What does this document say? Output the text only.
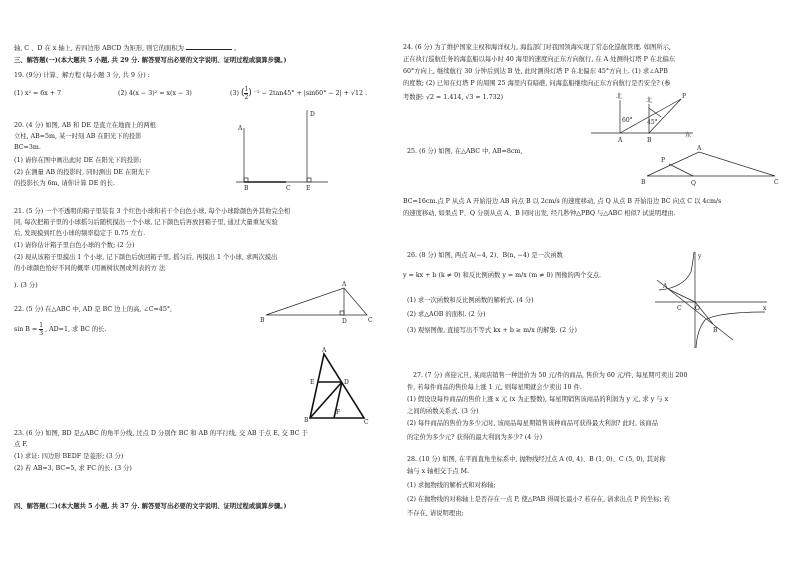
轴, C 、D 在 x 轴上, 若四边形 ABCD 为矩形, 则它的面积为	。
三、解答题(一)(本大题共 5 小题, 共 29 分. 解答要写出必要的文字说明、证明过程或演算步骤。)
19. (9分) 计算、解方程 (每小题 3 分, 共 9 分) :
(1) x² = 6x + 7	(2) 4(x − 3)² = x(x − 3)	(3) ( $\frac{1}{2}$) ⁻² − 2tan45° + |sin60° − 2| + √12 .
20. (4 分) 如图, AB 和 DE 是直立在地面上的两根
立柱, AB=5m, 某一时刻 AB 在阳光下的投影
BC=3m.
(1) 请你在图中画出此时 DE 在阳光下的投影;
(2) 在测量 AB 的投影时, 同时测出 DE 在阳光下
的投影长为 6m, 请你计算 DE 的长.
A
B	C
D
E
21. (5 分) 一个不透明的箱子里装有 3 个红色小球和若干个白色小球, 每个小球除颜色外其他完全相
同, 每次把箱子里的小球摇匀后随机摸出一个小球, 记下颜色后再放回箱子里, 通过大量重复实验
后, 发现摸到红色小球的频率稳定于 0.75 左右.
(1) 请你估计箱子里白色小球的个数; (2 分)
(2) 现从该箱子里摸出 1 个小球, 记下颜色后放回箱子里, 摇匀后, 再摸出 1 个小球, 求两次摸出
的小球颜色恰好不同的概率 (用画树状图或列表的方 法
). (3 分)
22. (5 分) 在△ABC 中, AD 是 BC 边上的高, ∠C=45°,
$\sin B = \frac{1}{3}$ , AD=1, 求 BC 的长.
A
B	C
D
A
B	C
D
E
F
23. (6 分) 如图, BD 是△ABC 的角平分线, 过点 D 分别作 BC 和 AB 的平行线, 交 AB 于点 E, 交 BC 于
点 F.
(1) 求证: 四边形 BEDF 是菱形; (3 分)
(2) 若 AB=3, BC=5, 求 FC 的长. (3 分)
四、解答题(二)(本大题共 5 小题, 共 37 分. 解答要写出必要的文字说明、证明过程或演算步骤。)
24. (6 分) 为了维护国家主权和海洋权力, 海监部门对我国领海实现了常态化巡航管理. 如图所示,
正在执行巡航任务的海监船以每小时 40 海里的速度向正东方向航行, 在 A 处测得灯塔 P 在北偏东
60°方向上, 继续航行 30 分钟后到达 B 处, 此时测得灯塔 P 在北偏东 45°方向上. (1) 求∠APB
的度数; (2) 已知在灯塔 P 的周围 25 海里内有暗礁, 问海监船继续向正东方向航行是否安全? (参
考数据: √2 ≈ 1.414, √3 ≈ 1.732)	北
北
东
60° 45°
A	B
P
25. (6 分) 如图, 在△ABC 中, AB=8cm,	A
B	C
P
Q
BC=16cm.点 P 从点 A 开始沿边 AB 向点 B 以 2cm/s 的速度移动, 点 Q 从点 B 开始沿边 BC 向点 C 以 4cm/s
的速度移动, 如果点 P、Q 分别从点 A、B 同时出发, 经几秒钟△PBQ 与△ABC 相似? 试说明理由.
26. (8 分) 如图, 两点 A(−4, 2)、B(n, −4) 是一次函数
y = kx + b (k ≠ 0) 和反比例函数 y = m/x (m ≠ 0) 图像的两个交点.
(1) 求一次函数和反比例函数的解析式. (4 分)
(2) 求△AOB 的面积. (2 分)
(3) 观察图像, 直接写出不等式 kx + b ≥ m/x 的解集. (2 分)
x
y
O
A
B
C
27. (7 分) 喜迎元旦, 某商店销售一种进价为 50 元/件的商品, 售价为 60 元/件, 每星期可卖出 200
件, 若每件商品的售价每上涨 1 元, 则每星期就会少卖出 10 件.
(1) 假设设每件商品的售价上涨 x 元 (x 为正整数), 每星期销售该商品的利润为 y 元, 求 y 与 x
之间的函数关系式. (3 分)
(2) 每件商品的售价为多少元时, 该商品每星期销售该种商品可获得最大利润? 此时, 该商品
的定价为多少元? 获得的最大利润为多少? (4 分)
28. (10 分) 如图, 在平面直角坐标系中, 抛物线经过点 A (0, 4)、B (1, 0)、C (5, 0), 其对称
轴与 x 轴相交于点 M.
(1) 求抛物线的解析式和对称轴;
(2) 在抛物线的对称轴上是否存在一点 P, 使△PAB 得周长最小? 若存在, 请求出点 P 的坐标; 若
不存在, 请说明理由;
